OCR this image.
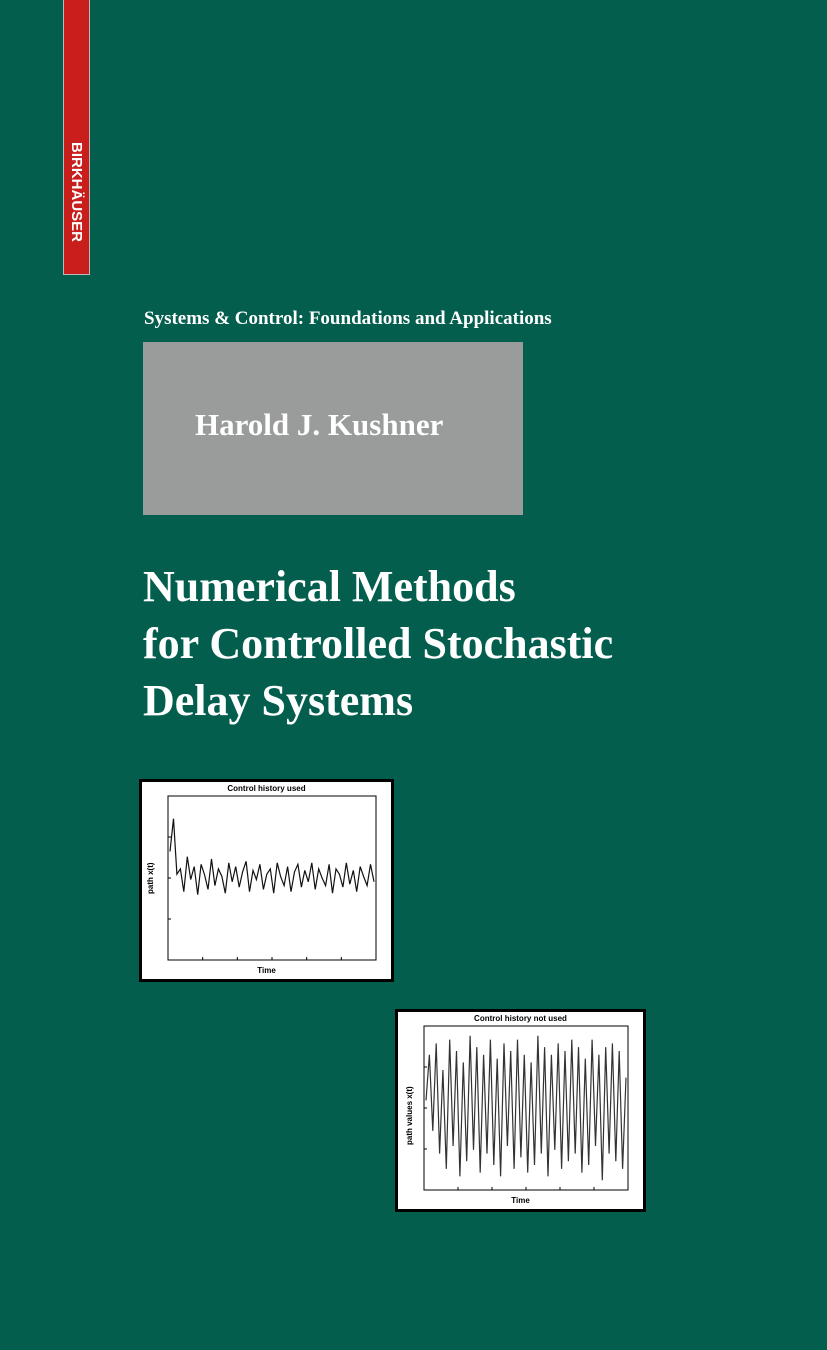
BIRKHÄUSER
Systems & Control: Foundations and Applications
Harold J. Kushner
Numerical Methods
for Controlled Stochastic
Delay Systems
Control history used
path x(t)
Time
Control history not used
path values x(t)
Time
